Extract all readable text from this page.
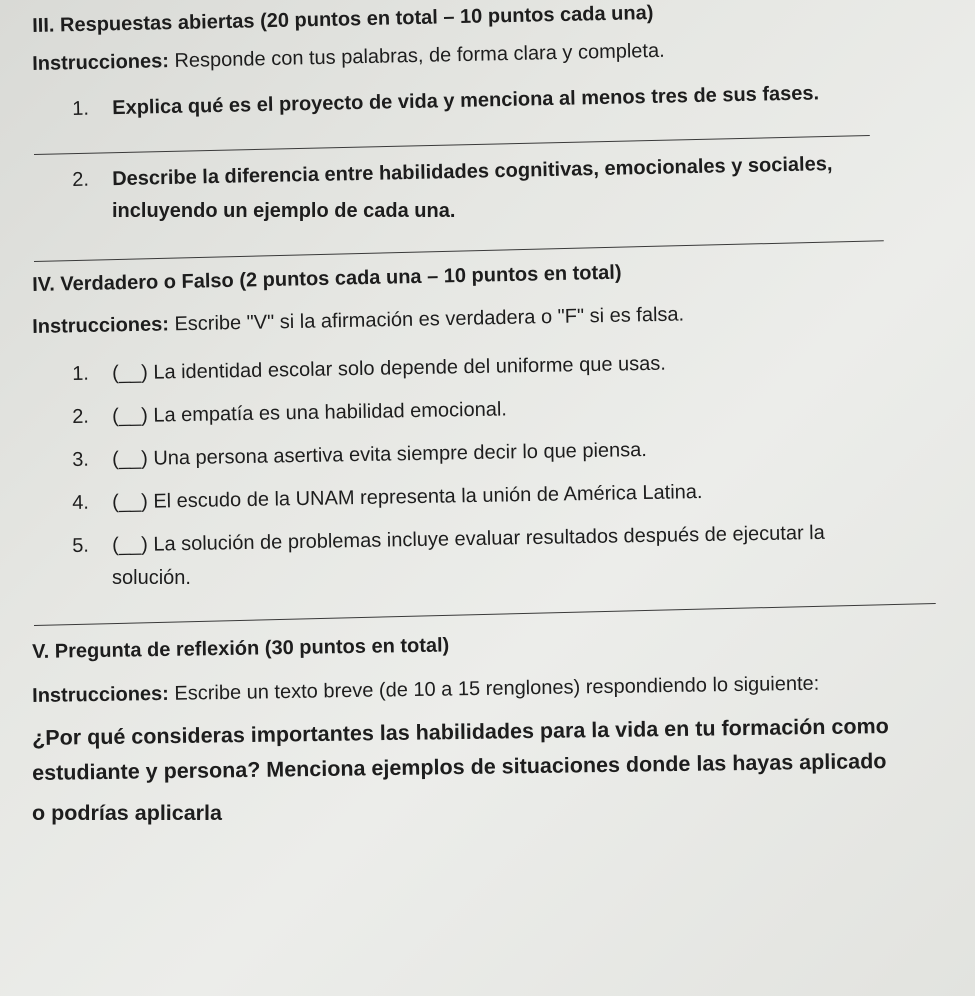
III. Respuestas abiertas (20 puntos en total – 10 puntos cada una)
Instrucciones: Responde con tus palabras, de forma clara y completa.
1. Explica qué es el proyecto de vida y menciona al menos tres de sus fases.
2. Describe la diferencia entre habilidades cognitivas, emocionales y sociales,
incluyendo un ejemplo de cada una.
IV. Verdadero o Falso (2 puntos cada una – 10 puntos en total)
Instrucciones: Escribe "V" si la afirmación es verdadera o "F" si es falsa.
1. (__) La identidad escolar solo depende del uniforme que usas.
2. (__) La empatía es una habilidad emocional.
3. (__) Una persona asertiva evita siempre decir lo que piensa.
4. (__) El escudo de la UNAM representa la unión de América Latina.
5. (__) La solución de problemas incluye evaluar resultados después de ejecutar la
solución.
V. Pregunta de reflexión (30 puntos en total)
Instrucciones: Escribe un texto breve (de 10 a 15 renglones) respondiendo lo siguiente:
¿Por qué consideras importantes las habilidades para la vida en tu formación como
estudiante y persona? Menciona ejemplos de situaciones donde las hayas aplicado
o podrías aplicarla
